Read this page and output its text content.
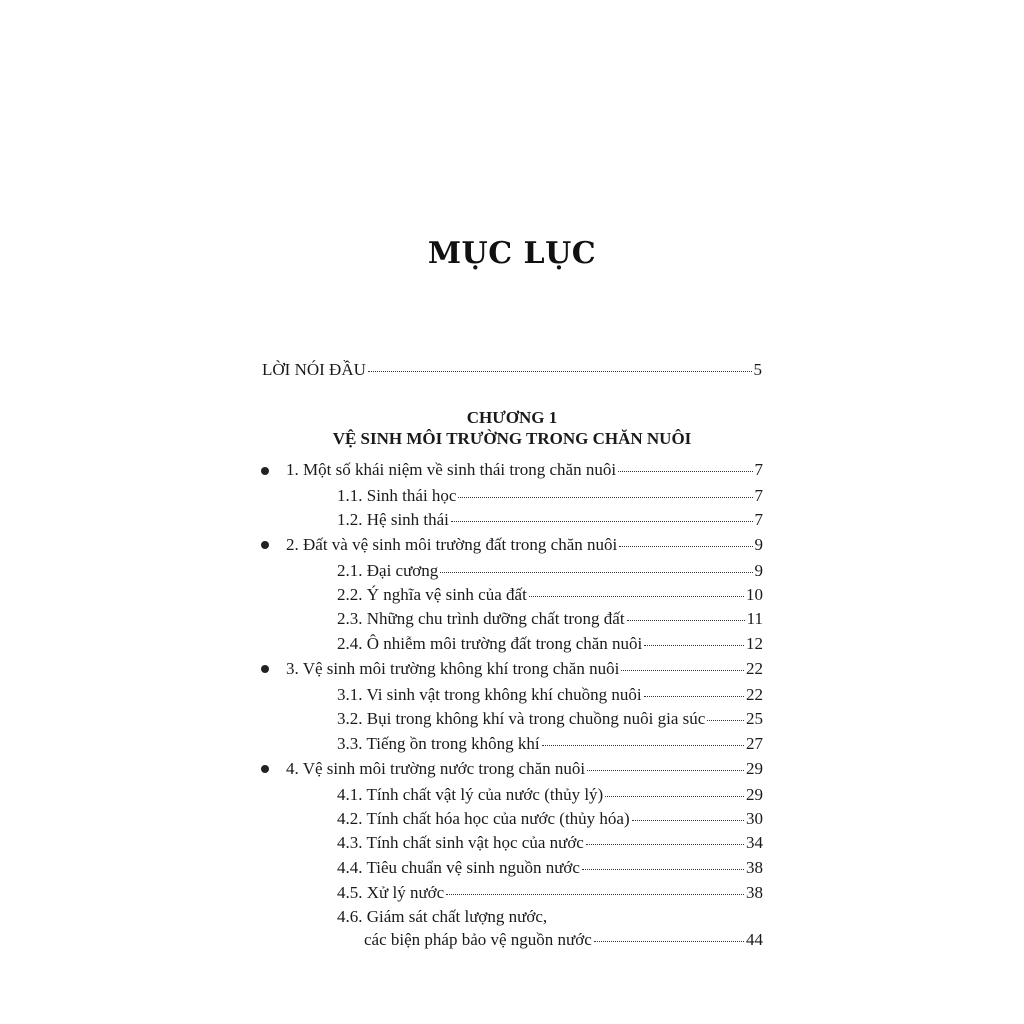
MỤC LỤC
LỜI NÓI ĐẦU	5
CHƯƠNG 1
VỆ SINH MÔI TRƯỜNG TRONG CHĂN NUÔI
1. Một số khái niệm về sinh thái trong chăn nuôi	7
1.1. Sinh thái học	7
1.2. Hệ sinh thái	7
2. Đất và vệ sinh môi trường đất trong chăn nuôi	9
2.1. Đại cương	9
2.2. Ý nghĩa vệ sinh của đất	10
2.3. Những chu trình dưỡng chất trong đất	11
2.4. Ô nhiễm môi trường đất trong chăn nuôi	12
3. Vệ sinh môi trường không khí trong chăn nuôi	22
3.1. Vi sinh vật trong không khí chuồng nuôi	22
3.2. Bụi trong không khí và trong chuồng nuôi gia súc 25
3.3. Tiếng ồn trong không khí	27
4. Vệ sinh môi trường nước trong chăn nuôi	29
4.1. Tính chất vật lý của nước (thủy lý)	29
4.2. Tính chất hóa học của nước (thủy hóa)	30
4.3. Tính chất sinh vật học của nước	34
4.4. Tiêu chuẩn vệ sinh nguồn nước	38
4.5. Xử lý nước	38
4.6. Giám sát chất lượng nước,
các biện pháp bảo vệ nguồn nước	44
